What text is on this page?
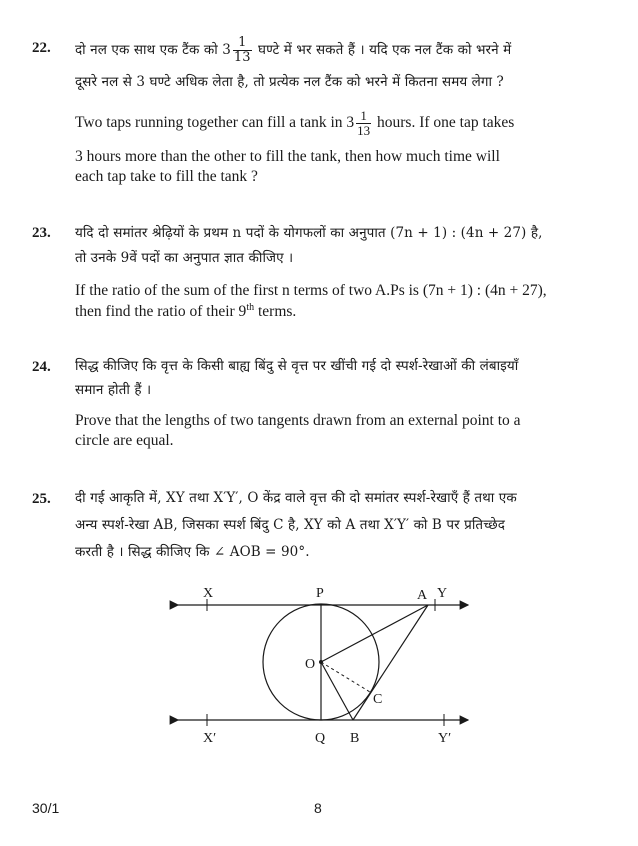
22. दो नल एक साथ एक टैंक को $3 \frac{1}{13}$ घण्टे में भर सकते हैं । यदि एक नल टैंक को भरने में
दूसरे नल से 3 घण्टे अधिक लेता है, तो प्रत्येक नल टैंक को भरने में कितना समय लेगा ?
Two taps running together can fill a tank in $3 \frac{1}{13}$ hours. If one tap takes
3 hours more than the other to fill the tank, then how much time will
each tap take to fill the tank ?
23. यदि दो समांतर श्रेढ़ियों के प्रथम n पदों के योगफलों का अनुपात (7n + 1) : (4n + 27) है,
तो उनके 9वें पदों का अनुपात ज्ञात कीजिए ।
If the ratio of the sum of the first n terms of two A.Ps is (7n + 1) : (4n + 27),
then find the ratio of their 9th terms.
24. सिद्ध कीजिए कि वृत्त के किसी बाह्य बिंदु से वृत्त पर खींची गई दो स्पर्श-रेखाओं की लंबाइयाँ
समान होती हैं ।
Prove that the lengths of two tangents drawn from an external point to a
circle are equal.
25. दी गई आकृति में, XY तथा X′Y′, O केंद्र वाले वृत्त की दो समांतर स्पर्श-रेखाएँ हैं तथा एक
अन्य स्पर्श-रेखा AB, जिसका स्पर्श बिंदु C है, XY को A तथा X′Y′ को B पर प्रतिच्छेद
करती है । सिद्ध कीजिए कि ∠ AOB = 90°.
X	P	A Y
O
C
X′	Q B	Y′
30/1	8
